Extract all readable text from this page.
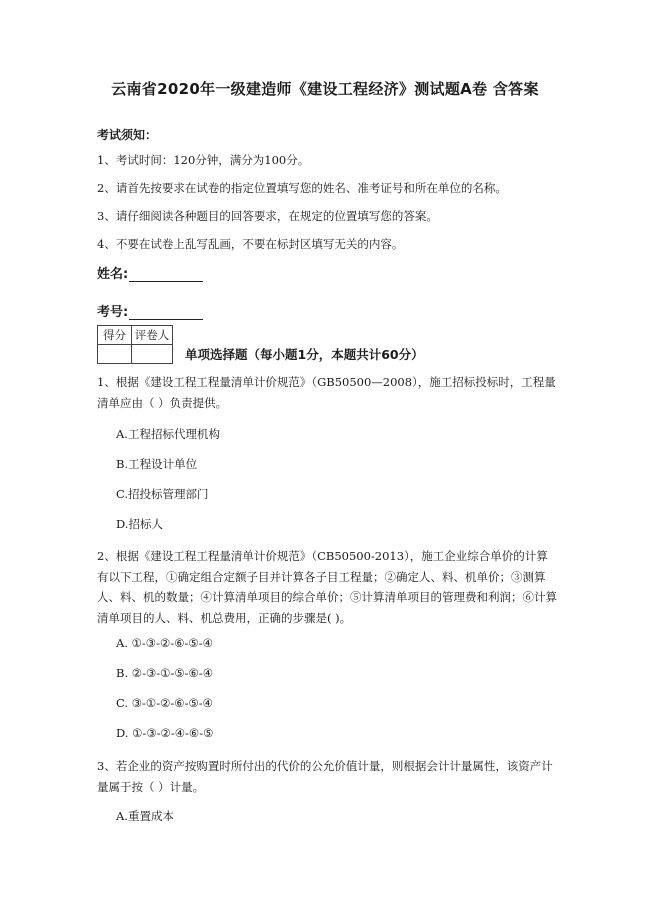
云南省2020年一级建造师《建设工程经济》测试题A卷 含答案
考试须知：
1、考试时间：120分钟，满分为100分。
2、请首先按要求在试卷的指定位置填写您的姓名、准考证号和所在单位的名称。
3、请仔细阅读各种题目的回答要求，在规定的位置填写您的答案。
4、不要在试卷上乱写乱画，不要在标封区填写无关的内容。
姓名:
考号:
得分	评卷人

单项选择题（每小题1分，本题共计60分）
1、根据《建设工程工程量清单计价规范》（GB50500—2008），施工招标投标时，工程量清单应由（ ）负责提供。
A.工程招标代理机构
B.工程设计单位
C.招投标管理部门
D.招标人
2、根据《建设工程工程量清单计价规范》（CB50500-2013），施工企业综合单价的计算有以下工程，①确定组合定额子目并计算各子目工程量；②确定人、料、机单价；③测算人、料、机的数量；④计算清单项目的综合单价；⑤计算清单项目的管理费和利润；⑥计算清单项目的人、料、机总费用，正确的步骤是( )。
A. ①-③-②-⑥-⑤-④
B. ②-③-①-⑤-⑥-④
C. ③-①-②-⑥-⑤-④
D. ①-③-②-④-⑥-⑤
3、若企业的资产按购置时所付出的代价的公允价值计量，则根据会计计量属性，该资产计量属于按（ ）计量。
A.重置成本
